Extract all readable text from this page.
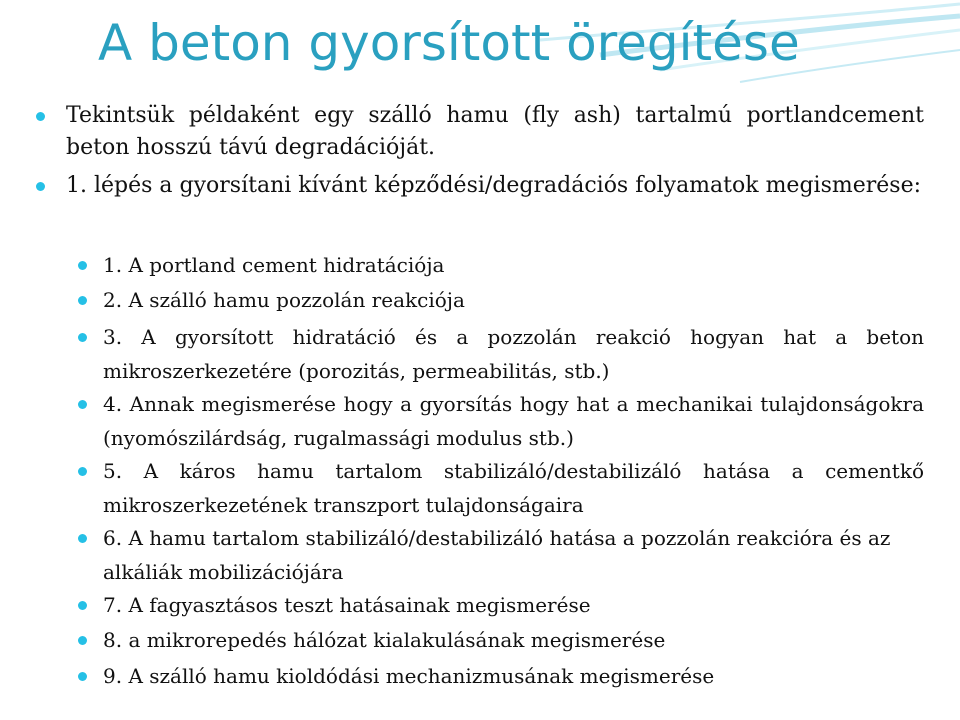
A beton gyorsított öregítése
Tekintsük példaként egy szálló hamu (fly ash) tartalmú portlandcement beton hosszú távú degradációját.
1. lépés a gyorsítani kívánt képződési/degradációs folyamatok megismerése:
1. A portland cement hidratációja
2. A szálló hamu pozzolán reakciója
3. A gyorsított hidratáció és a pozzolán reakció hogyan hat a beton mikroszerkezetére (porozitás, permeabilitás, stb.)
4. Annak megismerése hogy a gyorsítás hogy hat a mechanikai tulajdonságokra (nyomószilárdság, rugalmassági modulus stb.)
5. A káros hamu tartalom stabilizáló/destabilizáló hatása a cementkő mikroszerkezetének transzport tulajdonságaira
6. A hamu tartalom stabilizáló/destabilizáló hatása a pozzolán reakcióra és az alkáliák mobilizációjára
7. A fagyasztásos teszt hatásainak megismerése
8. a mikrorepedés hálózat kialakulásának megismerése
9. A szálló hamu kioldódási mechanizmusának megismerése
